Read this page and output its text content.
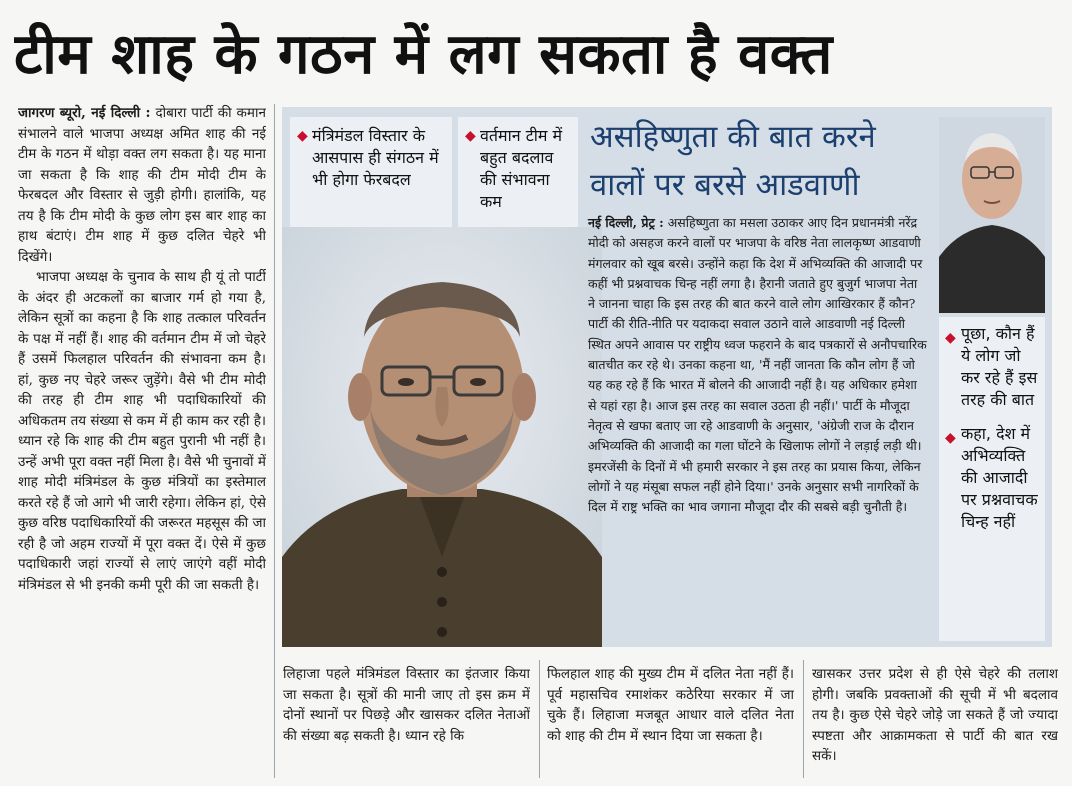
टीम शाह के गठन में लग सकता है वक्त

जागरण ब्यूरो, नई दिल्ली : दोबारा पार्टी की कमान संभालने वाले भाजपा अध्यक्ष अमित शाह की नई टीम के गठन में थोड़ा वक्त लग सकता है। यह माना जा सकता है कि शाह की टीम मोदी टीम के फेरबदल और विस्तार से जुड़ी होगी। हालांकि, यह तय है कि टीम मोदी के कुछ लोग इस बार शाह का हाथ बंटाएं। टीम शाह में कुछ दलित चेहरे भी दिखेंगे।

भाजपा अध्यक्ष के चुनाव के साथ ही यूं तो पार्टी के अंदर ही अटकलों का बाजार गर्म हो गया है, लेकिन सूत्रों का कहना है कि शाह तत्काल परिवर्तन के पक्ष में नहीं हैं। शाह की वर्तमान टीम में जो चेहरे हैं उसमें फिलहाल परिवर्तन की संभावना कम है। हां, कुछ नए चेहरे जरूर जुड़ेंगे। वैसे भी टीम मोदी की तरह ही टीम शाह भी पदाधिकारियों की अधिकतम तय संख्या से कम में ही काम कर रही है। ध्यान रहे कि शाह की टीम बहुत पुरानी भी नहीं है। उन्हें अभी पूरा वक्त नहीं मिला है। वैसे भी चुनावों में शाह मोदी मंत्रिमंडल के कुछ मंत्रियों का इस्तेमाल करते रहे हैं जो आगे भी जारी रहेगा। लेकिन हां, ऐसे कुछ वरिष्ठ पदाधिकारियों की जरूरत महसूस की जा रही है जो अहम राज्यों में पूरा वक्त दें। ऐसे में कुछ पदाधिकारी जहां राज्यों से लाएं जाएंगे वहीं मोदी मंत्रिमंडल से भी इनकी कमी पूरी की जा सकती है।

◆ मंत्रिमंडल विस्तार के आसपास ही संगठन में भी होगा फेरबदल
◆ वर्तमान टीम में बहुत बदलाव की संभावना कम
असहिष्णुता की बात करने वालों पर बरसे आडवाणी
नई दिल्ली, प्रेट्र : असहिष्णुता का मसला उठाकर आए दिन प्रधानमंत्री नरेंद्र मोदी को असहज करने वालों पर भाजपा के वरिष्ठ नेता लालकृष्ण आडवाणी मंगलवार को खूब बरसे। उन्होंने कहा कि देश में अभिव्यक्ति की आजादी पर कहीं भी प्रश्नवाचक चिन्ह नहीं लगा है। हैरानी जताते हुए बुजुर्ग भाजपा नेता ने जानना चाहा कि इस तरह की बात करने वाले लोग आखिरकार हैं कौन? पार्टी की रीति-नीति पर यदाकदा सवाल उठाने वाले आडवाणी नई दिल्ली स्थित अपने आवास पर राष्ट्रीय ध्वज फहराने के बाद पत्रकारों से अनौपचारिक बातचीत कर रहे थे। उनका कहना था, 'मैं नहीं जानता कि कौन लोग हैं जो यह कह रहे हैं कि भारत में बोलने की आजादी नहीं है। यह अधिकार हमेशा से यहां रहा है। आज इस तरह का सवाल उठता ही नहीं।' पार्टी के मौजूदा नेतृत्व से खफा बताए जा रहे आडवाणी के अनुसार, 'अंग्रेजी राज के दौरान अभिव्यक्ति की आजादी का गला घोंटने के खिलाफ लोगों ने लड़ाई लड़ी थी। इमरजेंसी के दिनों में भी हमारी सरकार ने इस तरह का प्रयास किया, लेकिन लोगों ने यह मंसूबा सफल नहीं होने दिया।' उनके अनुसार सभी नागरिकों के दिल में राष्ट्र भक्ति का भाव जगाना मौजूदा दौर की सबसे बड़ी चुनौती है।
◆ पूछा, कौन हैं ये लोग जो कर रहे हैं इस तरह की बात
◆ कहा, देश में अभिव्यक्ति की आजादी पर प्रश्नवाचक चिन्ह नहीं

लिहाजा पहले मंत्रिमंडल विस्तार का इंतजार किया जा सकता है। सूत्रों की मानी जाए तो इस क्रम में दोनों स्थानों पर पिछड़े और खासकर दलित नेताओं की संख्या बढ़ सकती है। ध्यान रहे कि

फिलहाल शाह की मुख्य टीम में दलित नेता नहीं हैं। पूर्व महासचिव रमाशंकर कठेरिया सरकार में जा चुके हैं। लिहाजा मजबूत आधार वाले दलित नेता को शाह की टीम में स्थान दिया जा सकता है।

खासकर उत्तर प्रदेश से ही ऐसे चेहरे की तलाश होगी। जबकि प्रवक्ताओं की सूची में भी बदलाव तय है। कुछ ऐसे चेहरे जोड़े जा सकते हैं जो ज्यादा स्पष्टता और आक्रामकता से पार्टी की बात रख सकें।
